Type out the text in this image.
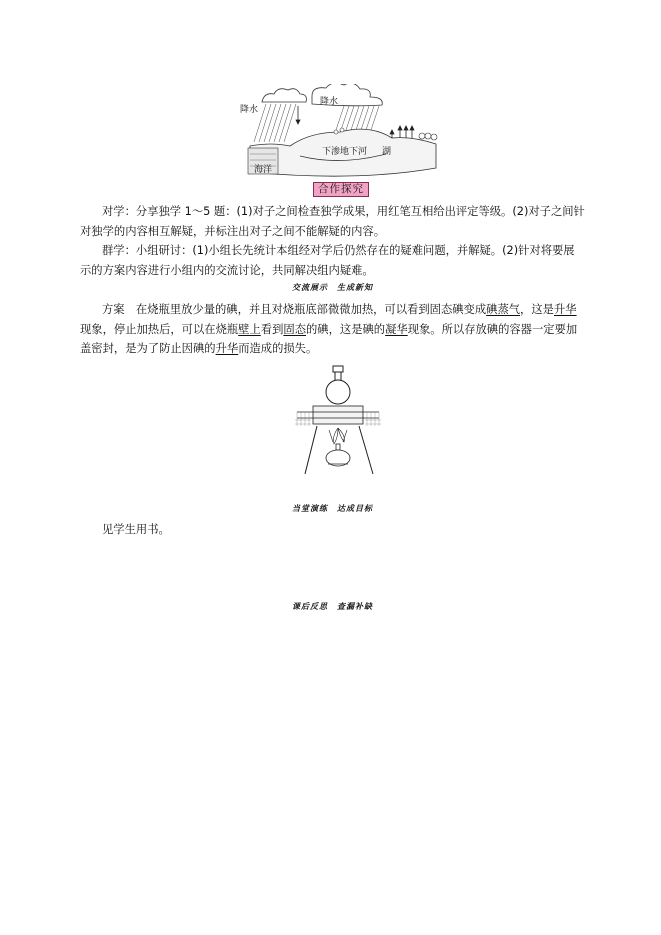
降水
降水
湖
海洋
下渗地下河
合作探究

对学：分享独学 1～5 题：(1)对子之间检查独学成果，用红笔互相给出评定等级。(2)对子之间针对独学的内容相互解疑，并标注出对子之间不能解疑的内容。

群学：小组研讨：(1)小组长先统计本组经对学后仍然存在的疑难问题，并解疑。(2)针对将要展示的方案内容进行小组内的交流讨论，共同解决组内疑难。

交流展示　生成新知

方案　 在烧瓶里放少量的碘，并且对烧瓶底部微微加热，可以看到固态碘变成碘蒸气，这是升华现象，停止加热后，可以在烧瓶壁上看到固态的碘，这是碘的凝华现象。所以存放碘的容器一定要加盖密封，是为了防止因碘的升华而造成的损失。

当堂演练　达成目标

见学生用书。

课后反思　查漏补缺
